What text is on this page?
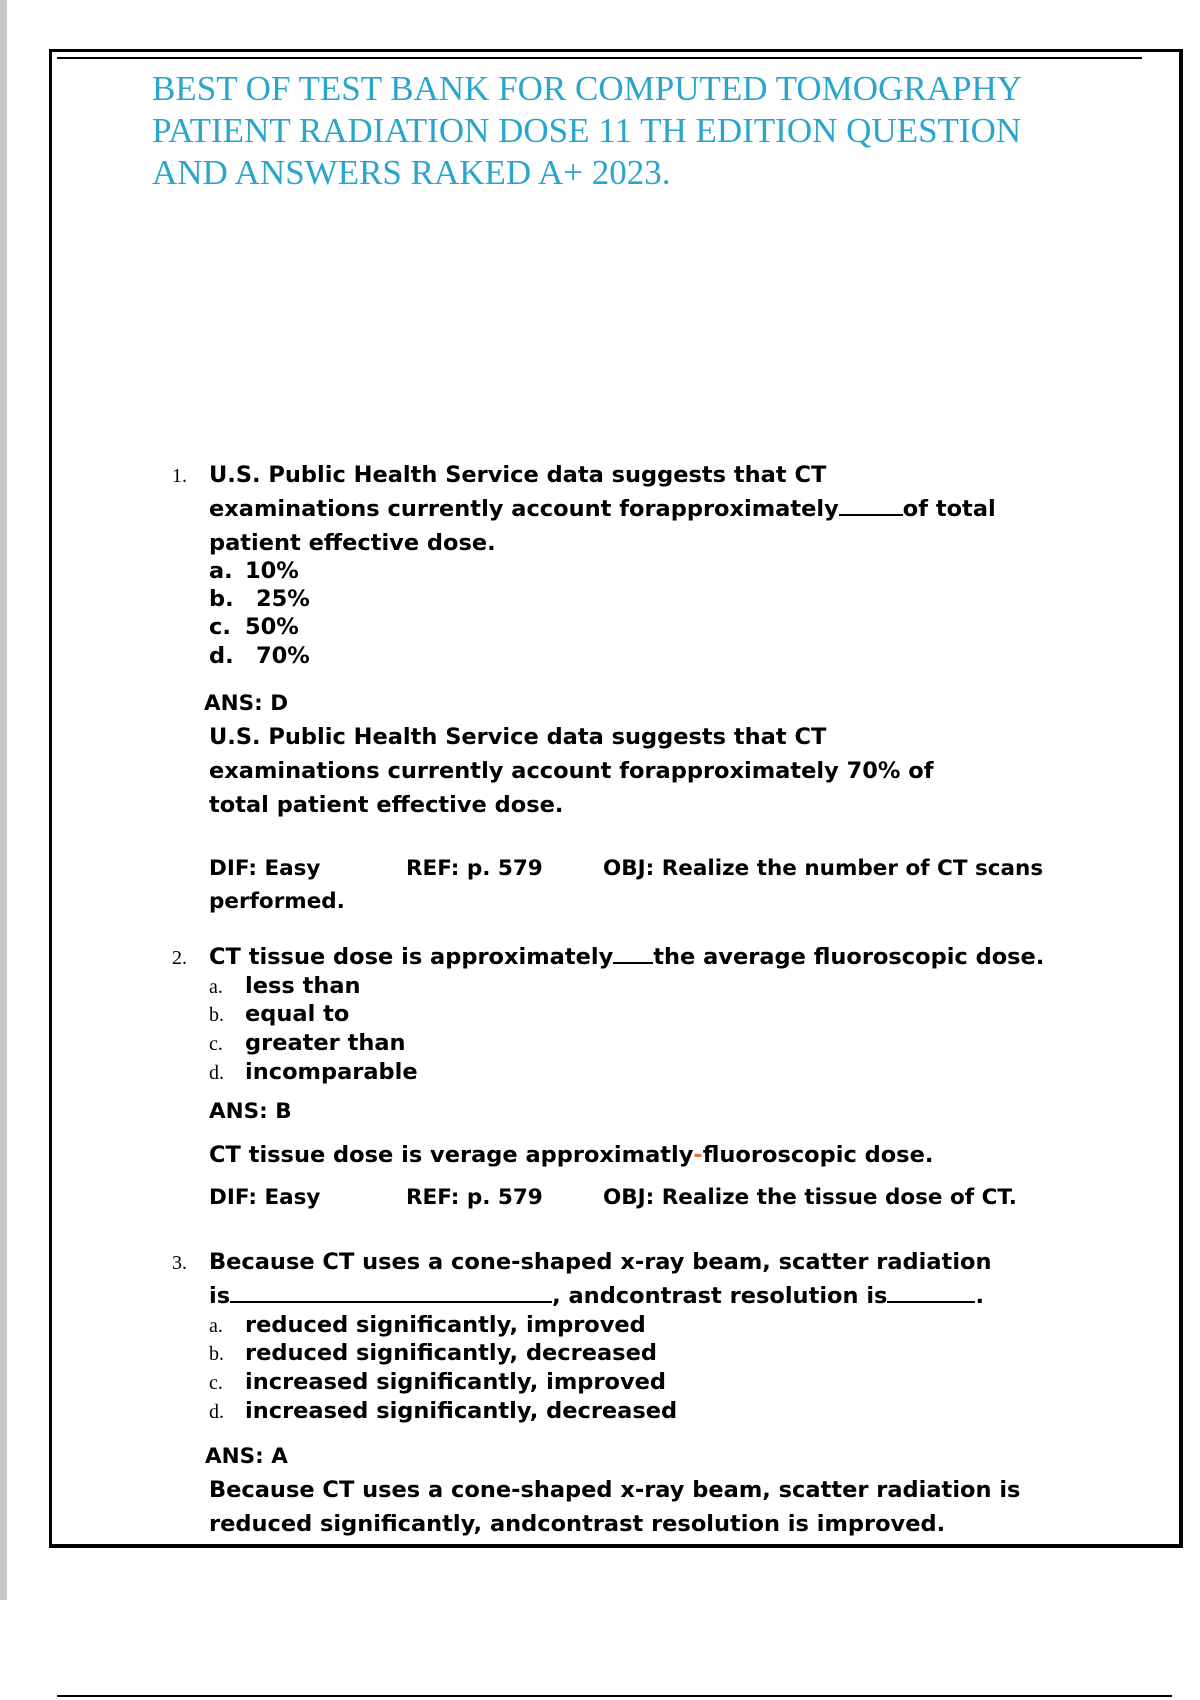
BEST OF TEST BANK FOR COMPUTED TOMOGRAPHY
PATIENT RADIATION DOSE 11 TH EDITION QUESTION
AND ANSWERS RAKED A+ 2023.
1. U.S. Public Health Service data suggests that CT
examinations currently account forapproximately	of total
patient effective dose.
a. 10%
b. 25%
c. 50%
d. 70%
ANS: D
U.S. Public Health Service data suggests that CT
examinations currently account forapproximately 70% of
total patient effective dose.
DIF: Easy	REF: p. 579	OBJ: Realize the number of CT scans
performed.
2. CT tissue dose is approximately the average fluoroscopic dose.
a. less than
b. equal to
c. greater than
d. incomparable
ANS: B
CT tissue dose is verage approximatly-fluoroscopic dose.
DIF: Easy	REF: p. 579	OBJ: Realize the tissue dose of CT.
3. Because CT uses a cone-shaped x-ray beam, scatter radiation
is	, andcontrast resolution is	.
a. reduced significantly, improved
b. reduced significantly, decreased
c. increased significantly, improved
d. increased significantly, decreased
ANS: A
Because CT uses a cone-shaped x-ray beam, scatter radiation is
reduced significantly, andcontrast resolution is improved.
